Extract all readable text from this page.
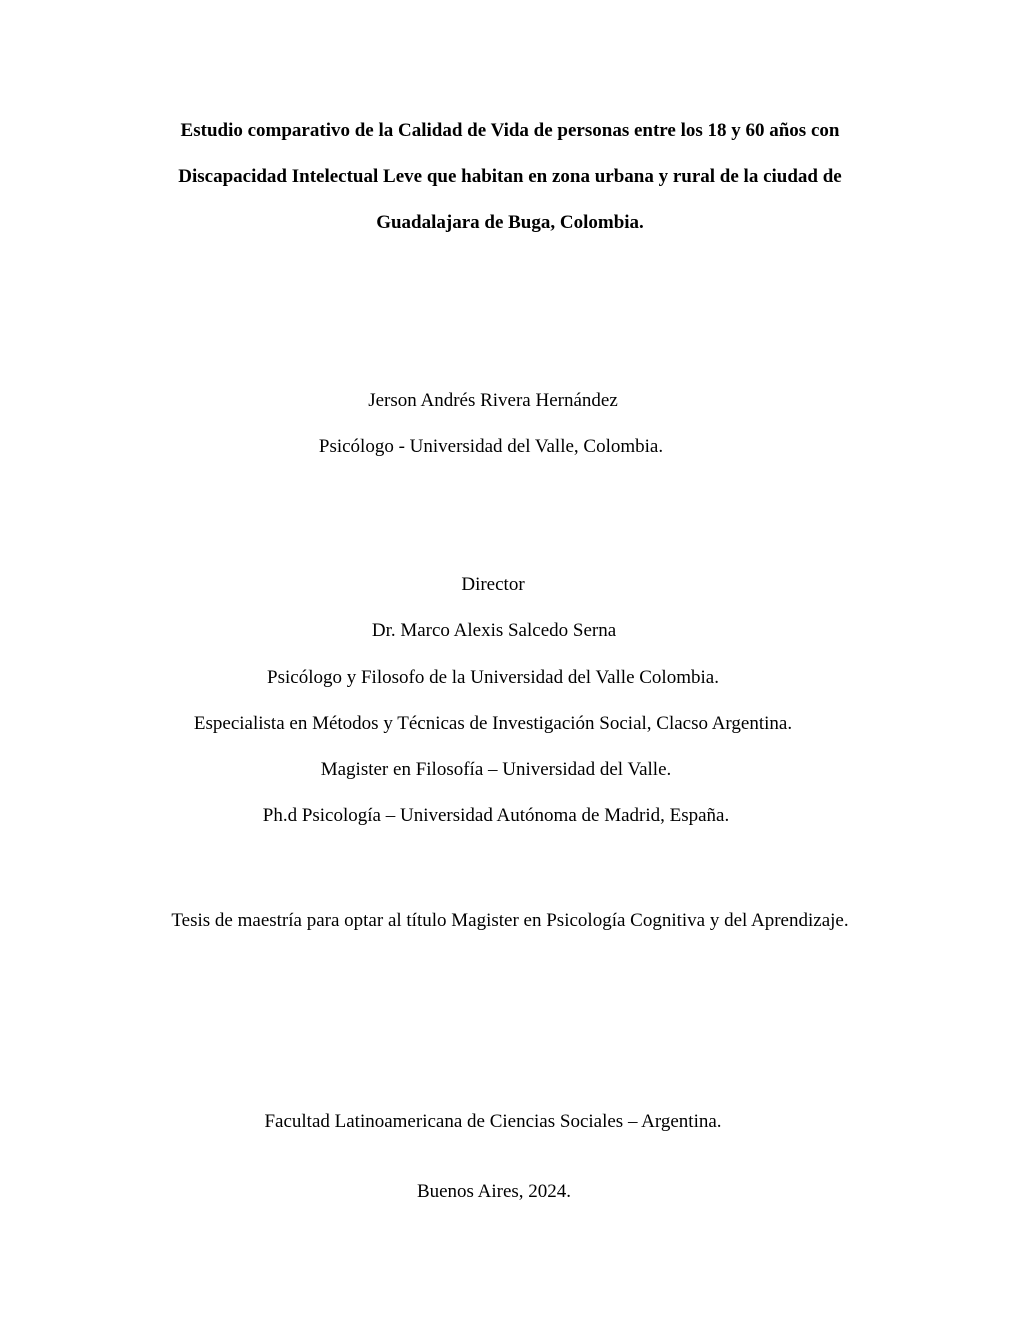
Estudio comparativo de la Calidad de Vida de personas entre los 18 y 60 años con
Discapacidad Intelectual Leve que habitan en zona urbana y rural de la ciudad de
Guadalajara de Buga, Colombia.
Jerson Andrés Rivera Hernández
Psicólogo - Universidad del Valle, Colombia.
Director
Dr. Marco Alexis Salcedo Serna
Psicólogo y Filosofo de la Universidad del Valle Colombia.
Especialista en Métodos y Técnicas de Investigación Social, Clacso Argentina.
Magister en Filosofía – Universidad del Valle.
Ph.d Psicología – Universidad Autónoma de Madrid, España.
Tesis de maestría para optar al título Magister en Psicología Cognitiva y del Aprendizaje.
Facultad Latinoamericana de Ciencias Sociales – Argentina.
Buenos Aires, 2024.
